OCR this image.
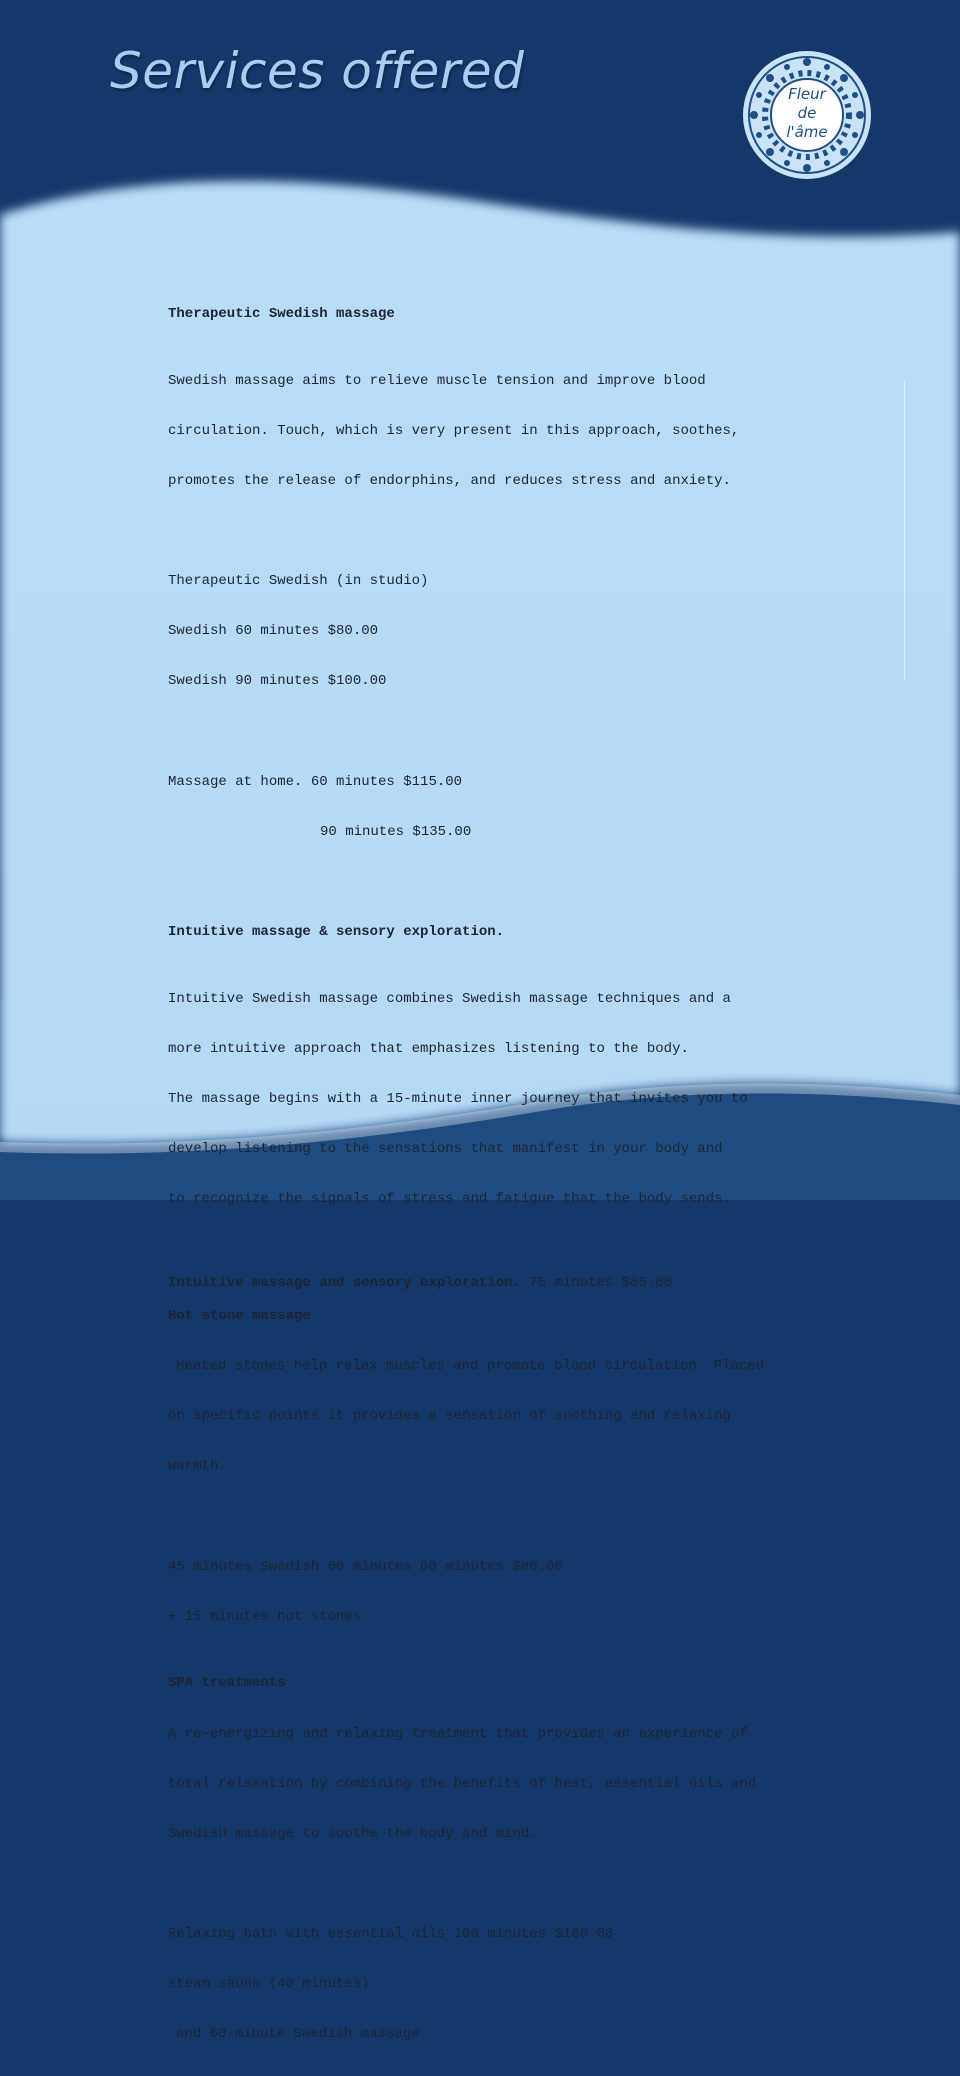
Services offered	Fleur
de
l'âme
Therapeutic Swedish massage

Swedish massage aims to relieve muscle tension and improve blood

circulation. Touch, which is very present in this approach, soothes,

promotes the release of endorphins, and reduces stress and anxiety.

Therapeutic Swedish (in studio)

Swedish 60 minutes $80.00

Swedish 90 minutes $100.00

Massage at home. 60 minutes $115.00

90 minutes $135.00

Intuitive massage & sensory exploration.

Intuitive Swedish massage combines Swedish massage techniques and a

more intuitive approach that emphasizes listening to the body.

The massage begins with a 15-minute inner journey that invites you to

develop listening to the sensations that manifest in your body and

to recognize the signals of stress and fatigue that the body sends.

Intuitive massage and sensory exploration. 75 minutes $85.00
Hot stone massage

Heated stones help relax muscles and promote blood circulation. Placed

on specific points it provides a sensation of soothing and relaxing

warmth.

45 minutes Swedish 60 minutes 60 minutes $80.00

+ 15 minutes hot stones

SPA treatments

A re-energizing and relaxing treatment that provides an experience of

total relaxation by combining the benefits of heat, essential oils and

Swedish massage to soothe the body and mind.

Relaxing bath with essential oils 100 minutes $160.00

steam sauna (40 minutes)

and 60-minute Swedish massage
